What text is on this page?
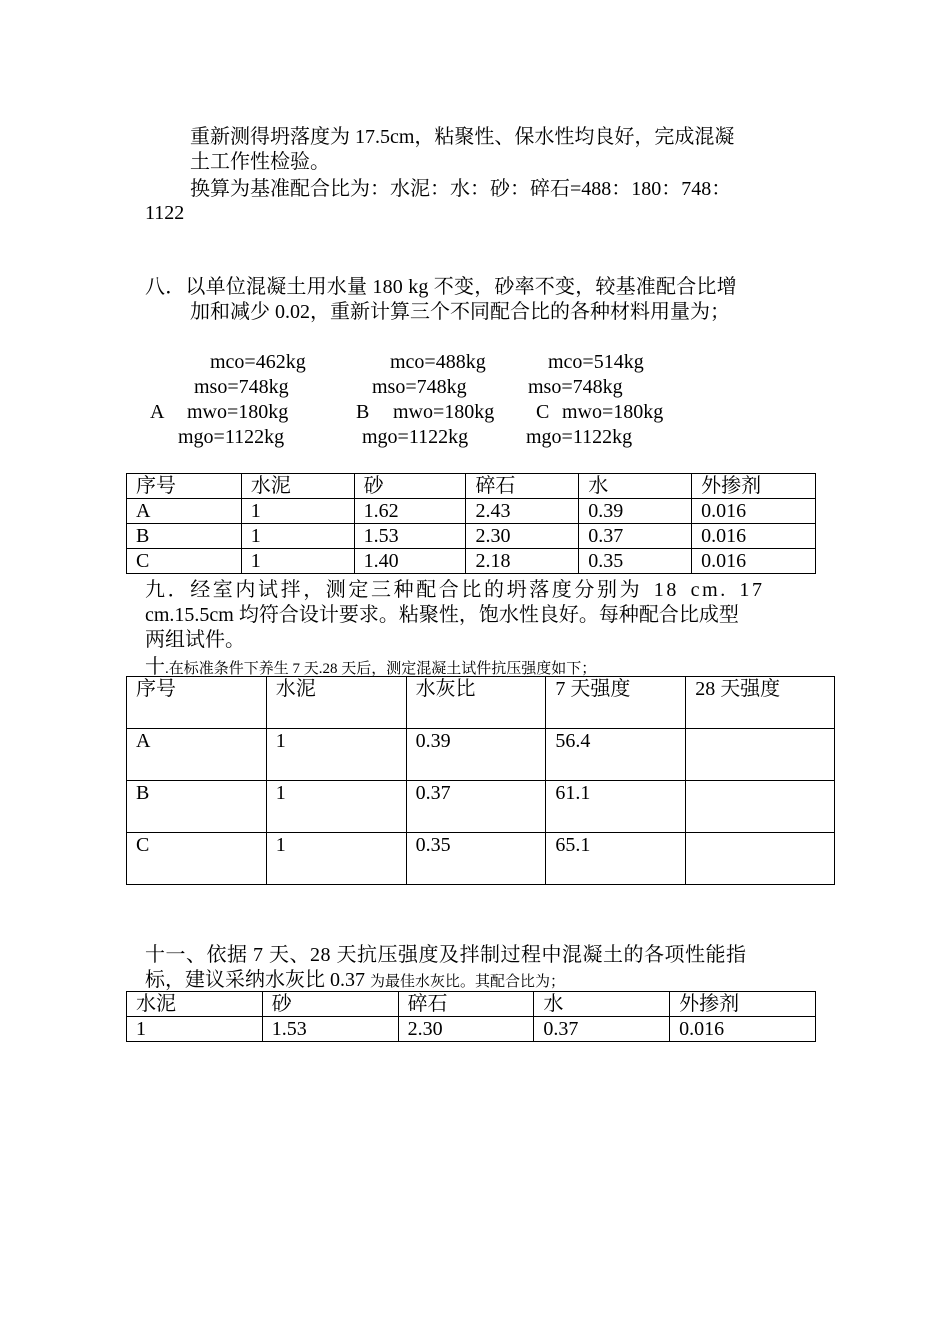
重新测得坍落度为 17.5cm，粘聚性、保水性均良好，完成混凝
土工作性检验。
换算为基准配合比为：水泥：水：砂：碎石=488：180：748：
1122
八．以单位混凝土用水量 180 kg 不变，砂率不变，较基准配合比增
加和减少 0.02，重新计算三个不同配合比的各种材料用量为；
mco=462kg	mco=488kg	mco=514kg
mso=748kg	mso=748kg	mso=748kg
A mwo=180kg	B mwo=180kg C mwo=180kg
mgo=1122kg	mgo=1122kg	mgo=1122kg
序号	水泥	砂	碎石	水	外掺剂
A	1	1.62	2.43	0.39	0.016
B	1	1.53	2.30	0.37	0.016
C	1	1.40	2.18	0.35	0.016
九．经室内试拌，测定三种配合比的坍落度分别为 18 cm. 17
cm.15.5cm 均符合设计要求。粘聚性，饱水性良好。每种配合比成型
两组试件。
十.在标准条件下养生 7 天.28 天后，测定混凝土试件抗压强度如下；
序号	水泥	水灰比	7 天强度	28 天强度
A	1	0.39	56.4	
B	1	0.37	61.1	
C	1	0.35	65.1	
十一、依据 7 天、28 天抗压强度及拌制过程中混凝土的各项性能指
标，建议采纳水灰比 0.37 为最佳水灰比。其配合比为；
水泥	砂	碎石	水	外掺剂
1	1.53	2.30	0.37	0.016
